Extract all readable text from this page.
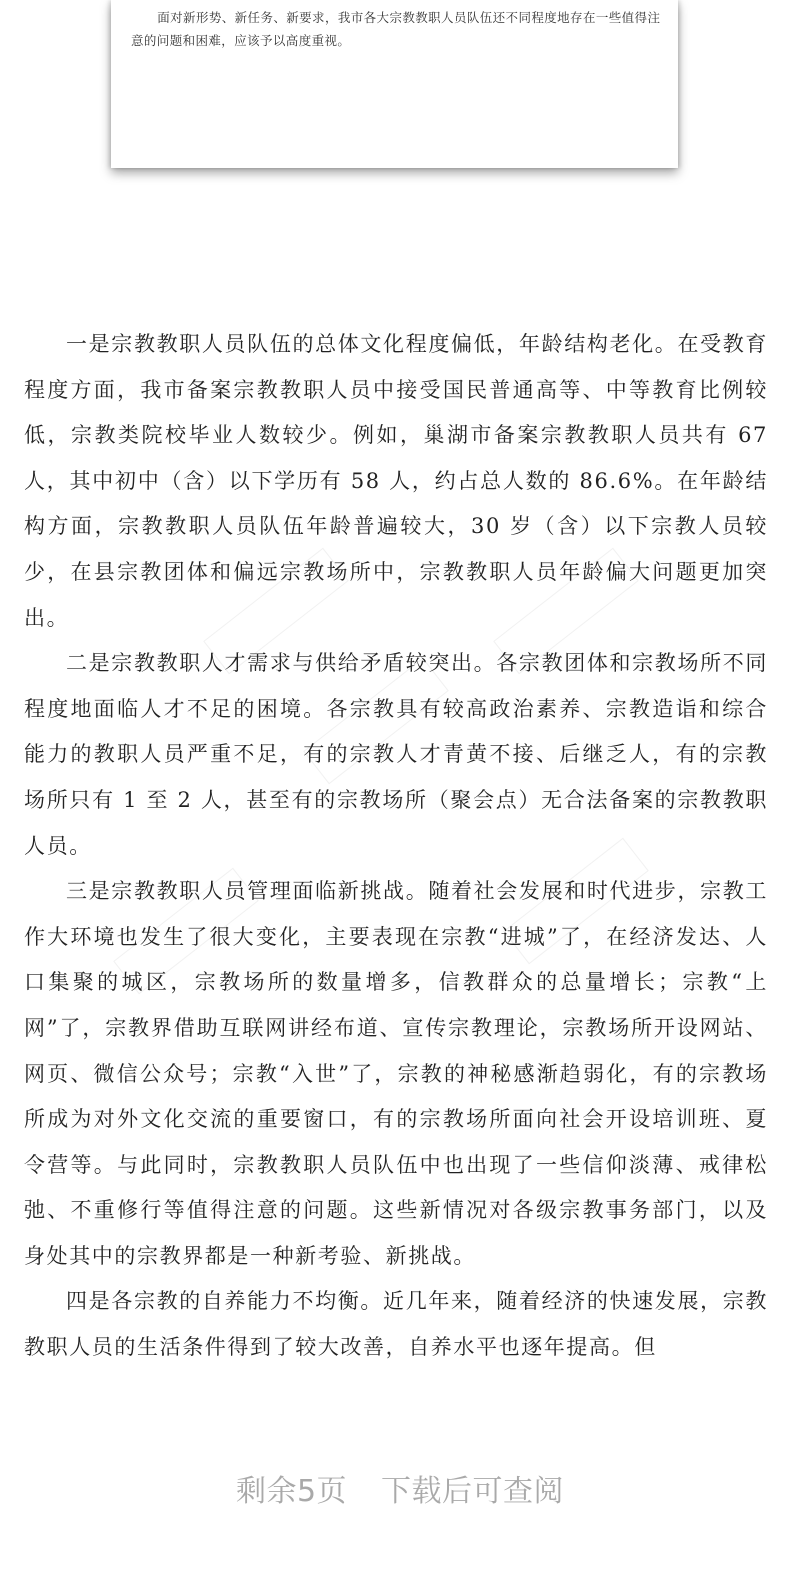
面对新形势、新任务、新要求，我市各大宗教教职人员队伍还不同程度地存在一些值得注意的问题和困难，应该予以高度重视。

一是宗教教职人员队伍的总体文化程度偏低，年龄结构老化。在受教育程度方面，我市备案宗教教职人员中接受国民普通高等、中等教育比例较低，宗教类院校毕业人数较少。例如，巢湖市备案宗教教职人员共有 67 人，其中初中（含）以下学历有 58 人，约占总人数的 86.6%。在年龄结构方面，宗教教职人员队伍年龄普遍较大，30 岁（含）以下宗教人员较少，在县宗教团体和偏远宗教场所中，宗教教职人员年龄偏大问题更加突出。

二是宗教教职人才需求与供给矛盾较突出。各宗教团体和宗教场所不同程度地面临人才不足的困境。各宗教具有较高政治素养、宗教造诣和综合能力的教职人员严重不足，有的宗教人才青黄不接、后继乏人，有的宗教场所只有 1 至 2 人，甚至有的宗教场所（聚会点）无合法备案的宗教教职人员。

三是宗教教职人员管理面临新挑战。随着社会发展和时代进步，宗教工作大环境也发生了很大变化，主要表现在宗教“进城”了，在经济发达、人口集聚的城区，宗教场所的数量增多，信教群众的总量增长；宗教“上网”了，宗教界借助互联网讲经布道、宣传宗教理论，宗教场所开设网站、网页、微信公众号；宗教“入世”了，宗教的神秘感渐趋弱化，有的宗教场所成为对外文化交流的重要窗口，有的宗教场所面向社会开设培训班、夏令营等。与此同时，宗教教职人员队伍中也出现了一些信仰淡薄、戒律松弛、不重修行等值得注意的问题。这些新情况对各级宗教事务部门，以及身处其中的宗教界都是一种新考验、新挑战。

四是各宗教的自养能力不均衡。近几年来，随着经济的快速发展，宗教教职人员的生活条件得到了较大改善，自养水平也逐年提高。但

剩余5页 下载后可查阅
